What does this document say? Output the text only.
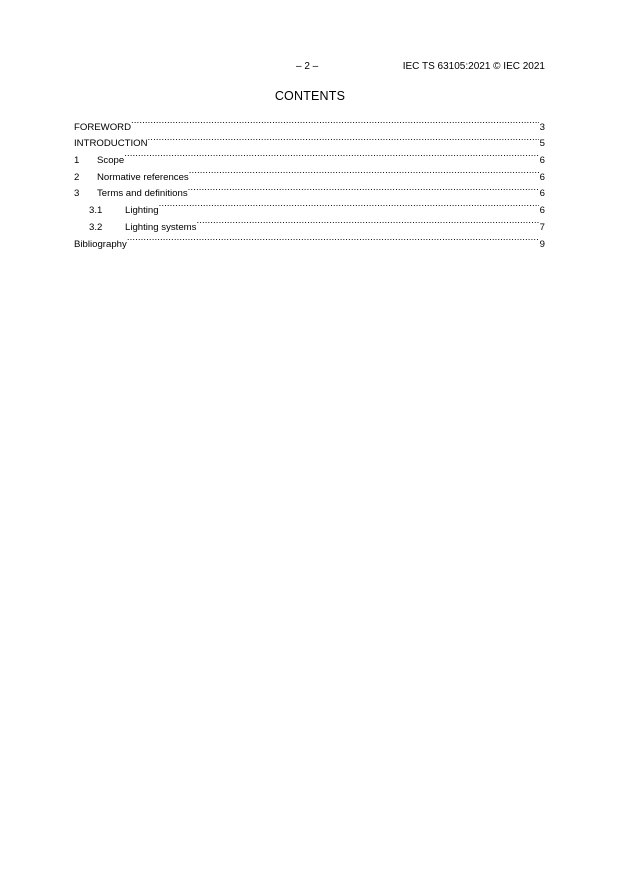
– 2 –	IEC TS 63105:2021 © IEC 2021
CONTENTS
FOREWORD .....	3
INTRODUCTION .....	5
1	Scope .....	6
2	Normative references .....	6
3	Terms and definitions .....	6
3.1	Lighting .....	6
3.2	Lighting systems .....	7
Bibliography .....	9
